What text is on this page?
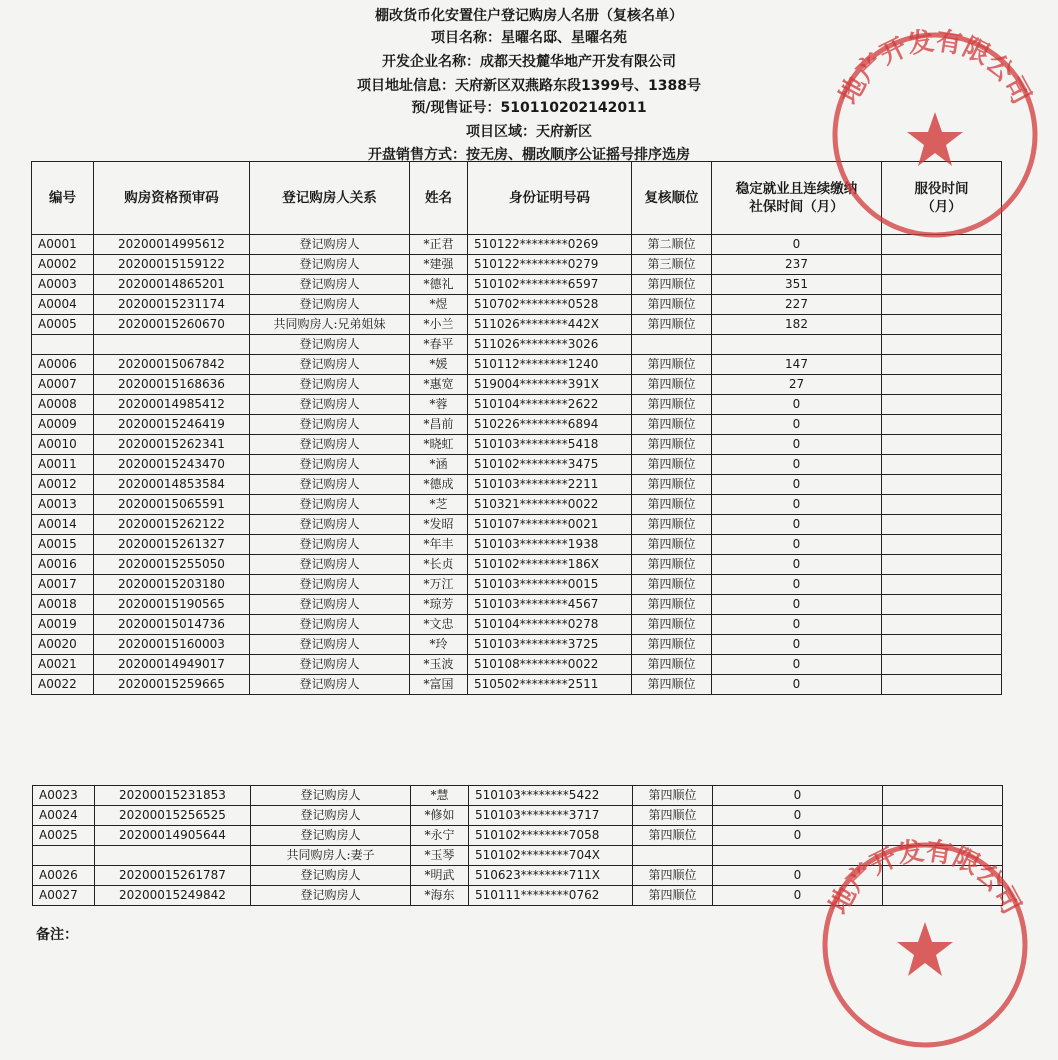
棚改货币化安置住户登记购房人名册（复核名单）
项目名称：星曜名邸、星曜名苑
开发企业名称：成都天投麓华地产开发有限公司
项目地址信息：天府新区双燕路东段1399号、1388号
预/现售证号：510110202142011
项目区域：天府新区
开盘销售方式：按无房、棚改顺序公证摇号排序选房
编号	购房资格预审码	登记购房人关系	姓名	身份证明号码	复核顺位	稳定就业且连续缴纳
社保时间（月）	服役时间
（月）
A0001	20200014995612	登记购房人	*正君	510122********0269	第二顺位	0	
A0002	20200015159122	登记购房人	*建强	510122********0279	第三顺位	237	
A0003	20200014865201	登记购房人	*德礼	510102********6597	第四顺位	351	
A0004	20200015231174	登记购房人	*煜	510702********0528	第四顺位	227	
A0005	20200015260670	共同购房人:兄弟姐妹	*小兰	511026********442X	第四顺位	182	
		登记购房人	*春平	511026********3026			
A0006	20200015067842	登记购房人	*媛	510112********1240	第四顺位	147	
A0007	20200015168636	登记购房人	*惠宽	519004********391X	第四顺位	27	
A0008	20200014985412	登记购房人	*蓉	510104********2622	第四顺位	0	
A0009	20200015246419	登记购房人	*昌前	510226********6894	第四顺位	0	
A0010	20200015262341	登记购房人	*晓虹	510103********5418	第四顺位	0	
A0011	20200015243470	登记购房人	*涵	510102********3475	第四顺位	0	
A0012	20200014853584	登记购房人	*德成	510103********2211	第四顺位	0	
A0013	20200015065591	登记购房人	*芝	510321********0022	第四顺位	0	
A0014	20200015262122	登记购房人	*发昭	510107********0021	第四顺位	0	
A0015	20200015261327	登记购房人	*年丰	510103********1938	第四顺位	0	
A0016	20200015255050	登记购房人	*长贞	510102********186X	第四顺位	0	
A0017	20200015203180	登记购房人	*万江	510103********0015	第四顺位	0	
A0018	20200015190565	登记购房人	*琼芳	510103********4567	第四顺位	0	
A0019	20200015014736	登记购房人	*文忠	510104********0278	第四顺位	0	
A0020	20200015160003	登记购房人	*玲	510103********3725	第四顺位	0	
A0021	20200014949017	登记购房人	*玉波	510108********0022	第四顺位	0	
A0022	20200015259665	登记购房人	*富国	510502********2511	第四顺位	0	
A0023	20200015231853	登记购房人	*慧	510103********5422	第四顺位	0	
A0024	20200015256525	登记购房人	*修如	510103********3717	第四顺位	0	
A0025	20200014905644	登记购房人	*永宁	510102********7058	第四顺位	0	
		共同购房人:妻子	*玉琴	510102********704X			
A0026	20200015261787	登记购房人	*明武	510623********711X	第四顺位	0	
A0027	20200015249842	登记购房人	*海东	510111********0762	第四顺位	0	
备注：
地产开发有限公司
地产开发有限公司
